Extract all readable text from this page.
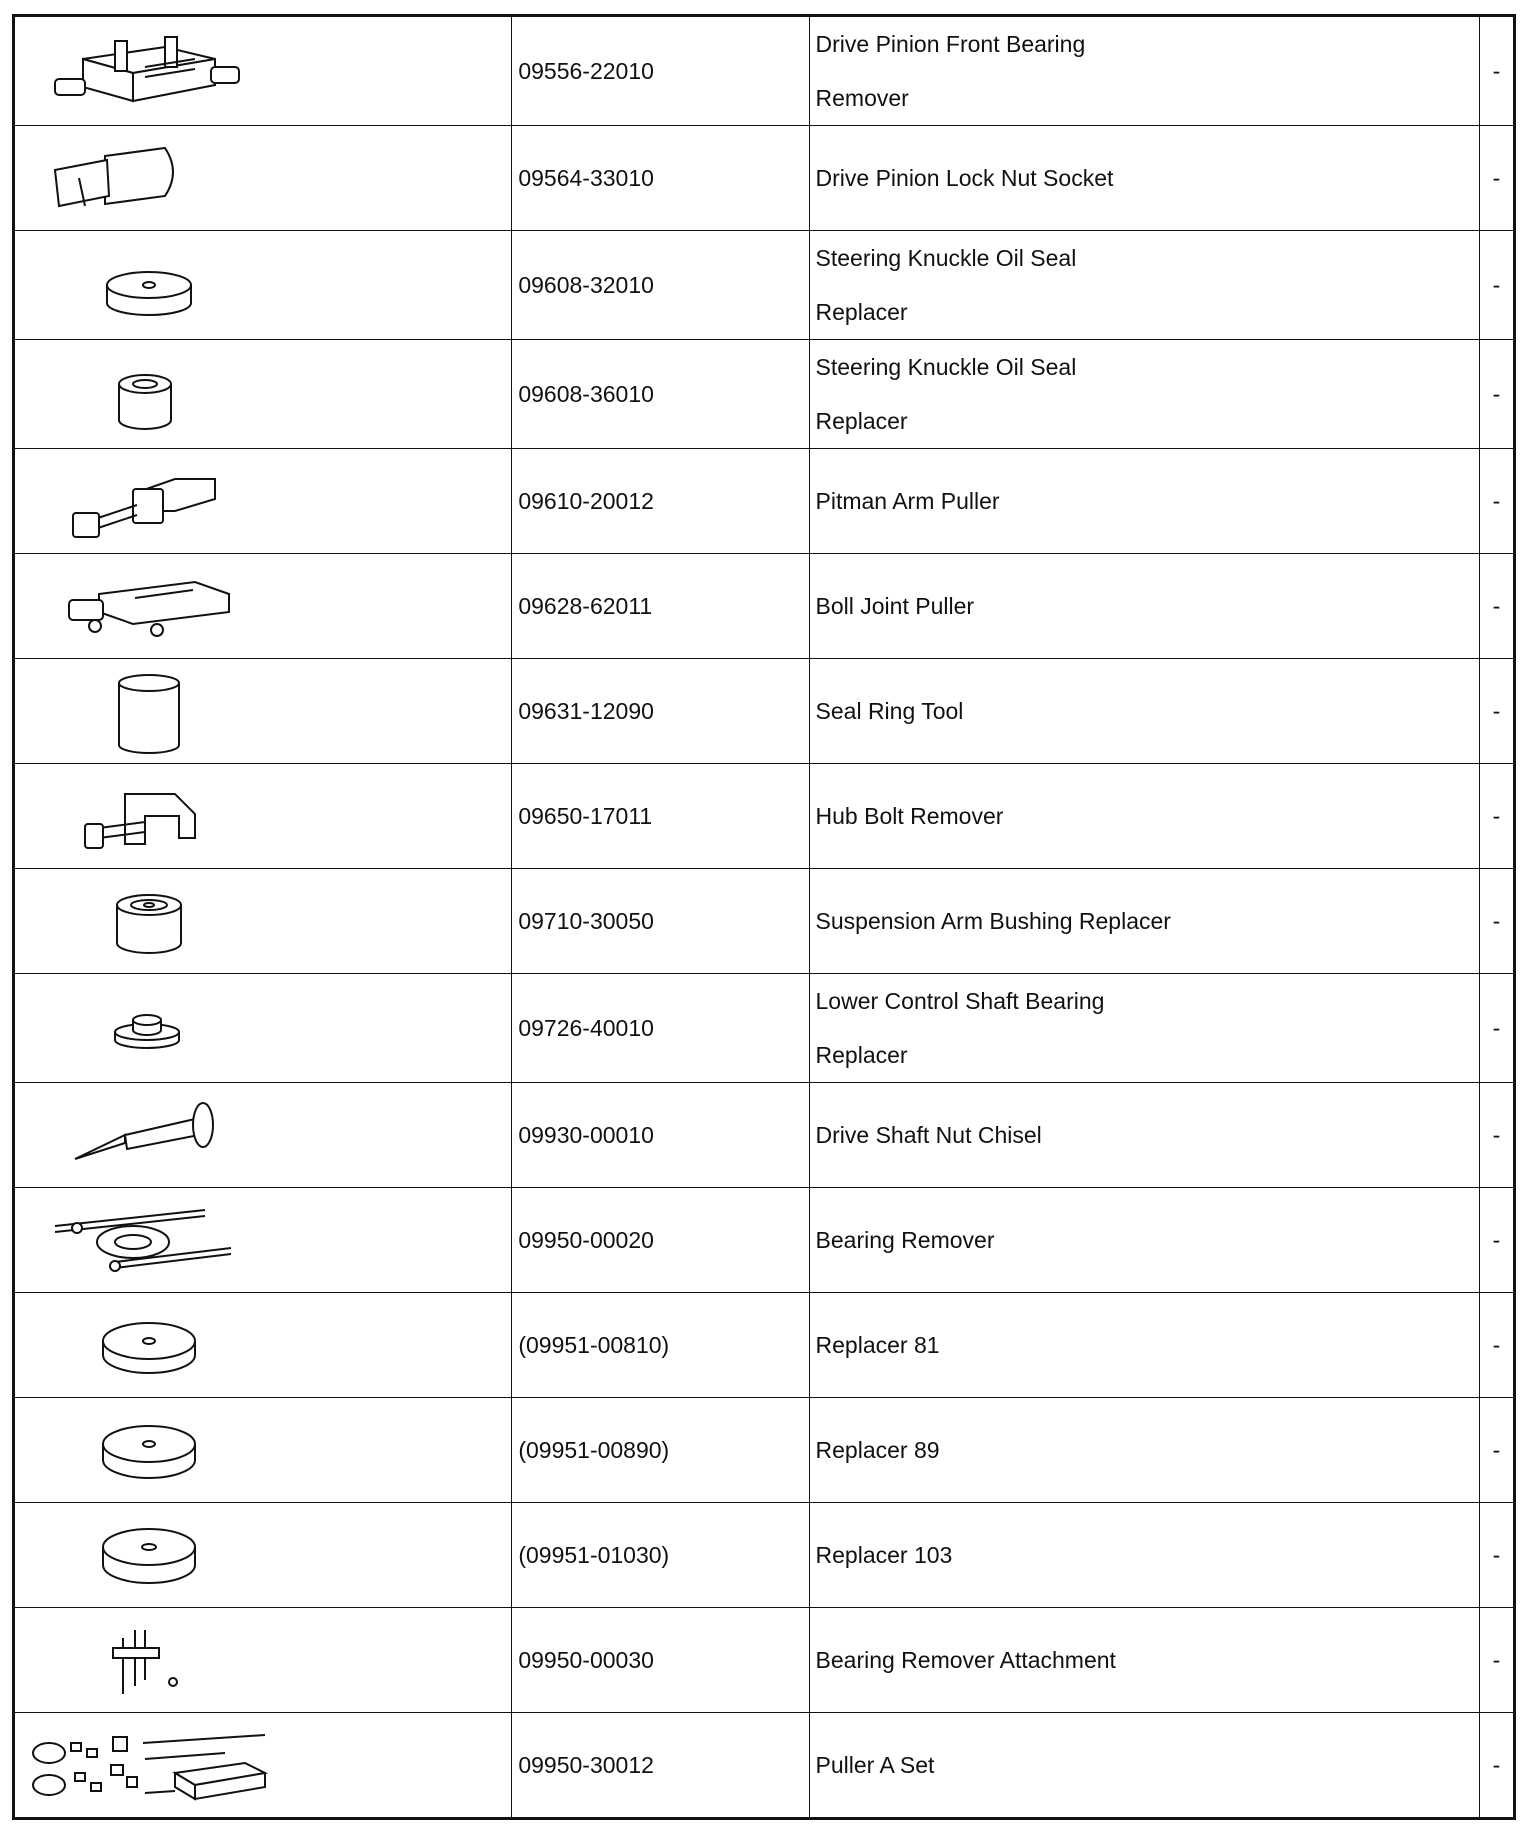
	09556-22010	Drive Pinion Front Bearing
Remover	-

	09564-33010	Drive Pinion Lock Nut Socket	-

	09608-32010	Steering Knuckle Oil Seal
Replacer	-

	09608-36010	Steering Knuckle Oil Seal
Replacer	-

	09610-20012	Pitman Arm Puller	-

	09628-62011	Boll Joint Puller	-

	09631-12090	Seal Ring Tool	-

	09650-17011	Hub Bolt Remover	-

	09710-30050	Suspension Arm Bushing Replacer	-

	09726-40010	Lower Control Shaft Bearing
Replacer	-

	09930-00010	Drive Shaft Nut Chisel	-

	09950-00020	Bearing Remover	-

	(09951-00810)	Replacer 81	-

	(09951-00890)	Replacer 89	-

	(09951-01030)	Replacer 103	-

	09950-00030	Bearing Remover Attachment	-

	09950-30012	Puller A Set	-
